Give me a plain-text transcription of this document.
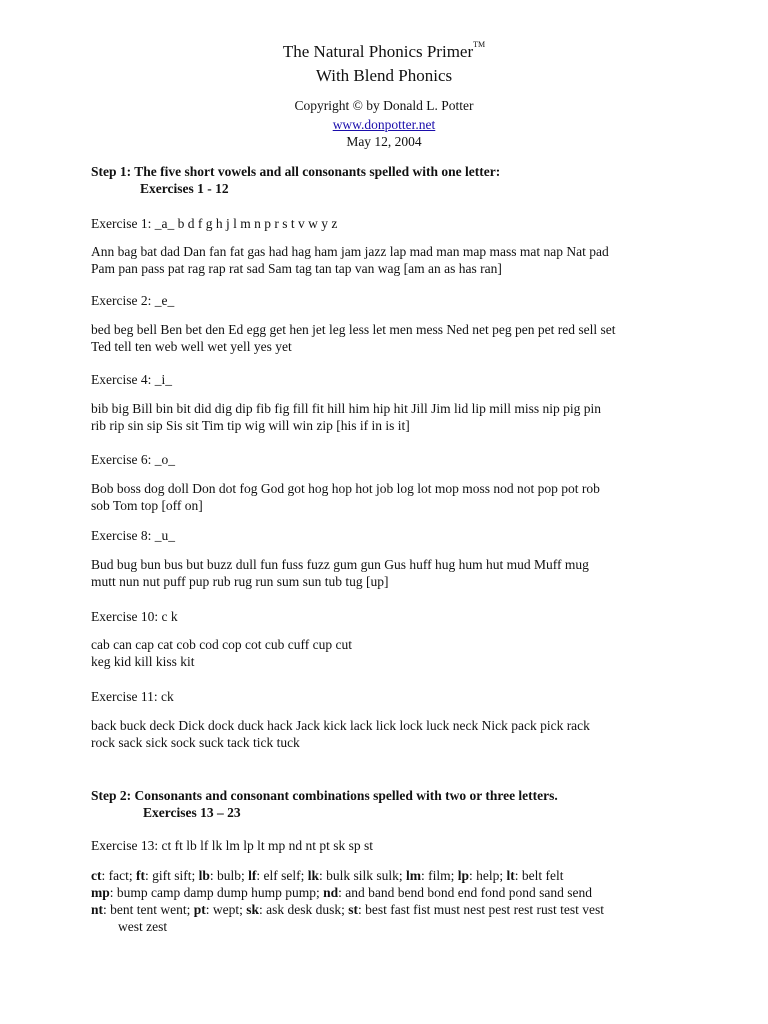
The Natural Phonics Primer™
With Blend Phonics
Copyright © by Donald L. Potter
www.donpotter.net
May 12, 2004
Step 1: The five short vowels and all consonants spelled with one letter:
Exercises 1 - 12
Exercise 1: _a_ b d f g h j l m n p r s t v w y z
Ann bag bat dad Dan fan fat gas had hag ham jam jazz lap mad man map mass mat nap Nat pad
Pam pan pass pat rag rap rat sad Sam tag tan tap van wag [am an as has ran]
Exercise 2: _e_
bed beg bell Ben bet den Ed egg get hen jet leg less let men mess Ned net peg pen pet red sell set
Ted tell ten web well wet yell yes yet
Exercise 4: _i_
bib big Bill bin bit did dig dip fib fig fill fit hill him hip hit Jill Jim lid lip mill miss nip pig pin
rib rip sin sip Sis sit Tim tip wig will win zip [his if in is it]
Exercise 6: _o_
Bob boss dog doll Don dot fog God got hog hop hot job log lot mop moss nod not pop pot rob
sob Tom top [off on]
Exercise 8: _u_
Bud bug bun bus but buzz dull fun fuss fuzz gum gun Gus huff hug hum hut mud Muff mug
mutt nun nut puff pup rub rug run sum sun tub tug [up]
Exercise 10: c k
cab can cap cat cob cod cop cot cub cuff cup cut
keg kid kill kiss kit
Exercise 11: ck
back buck deck Dick dock duck hack Jack kick lack lick lock luck neck Nick pack pick rack
rock sack sick sock suck tack tick tuck
Step 2: Consonants and consonant combinations spelled with two or three letters.
Exercises 13 – 23
Exercise 13: ct ft lb lf lk lm lp lt mp nd nt pt sk sp st
ct: fact; ft: gift sift; lb: bulb; lf: elf self; lk: bulk silk sulk; lm: film; lp: help; lt: belt felt
mp: bump camp damp dump hump pump; nd: and band bend bond end fond pond sand send
nt: bent tent went; pt: wept; sk: ask desk dusk; st: best fast fist must nest pest rest rust test vest
west zest
